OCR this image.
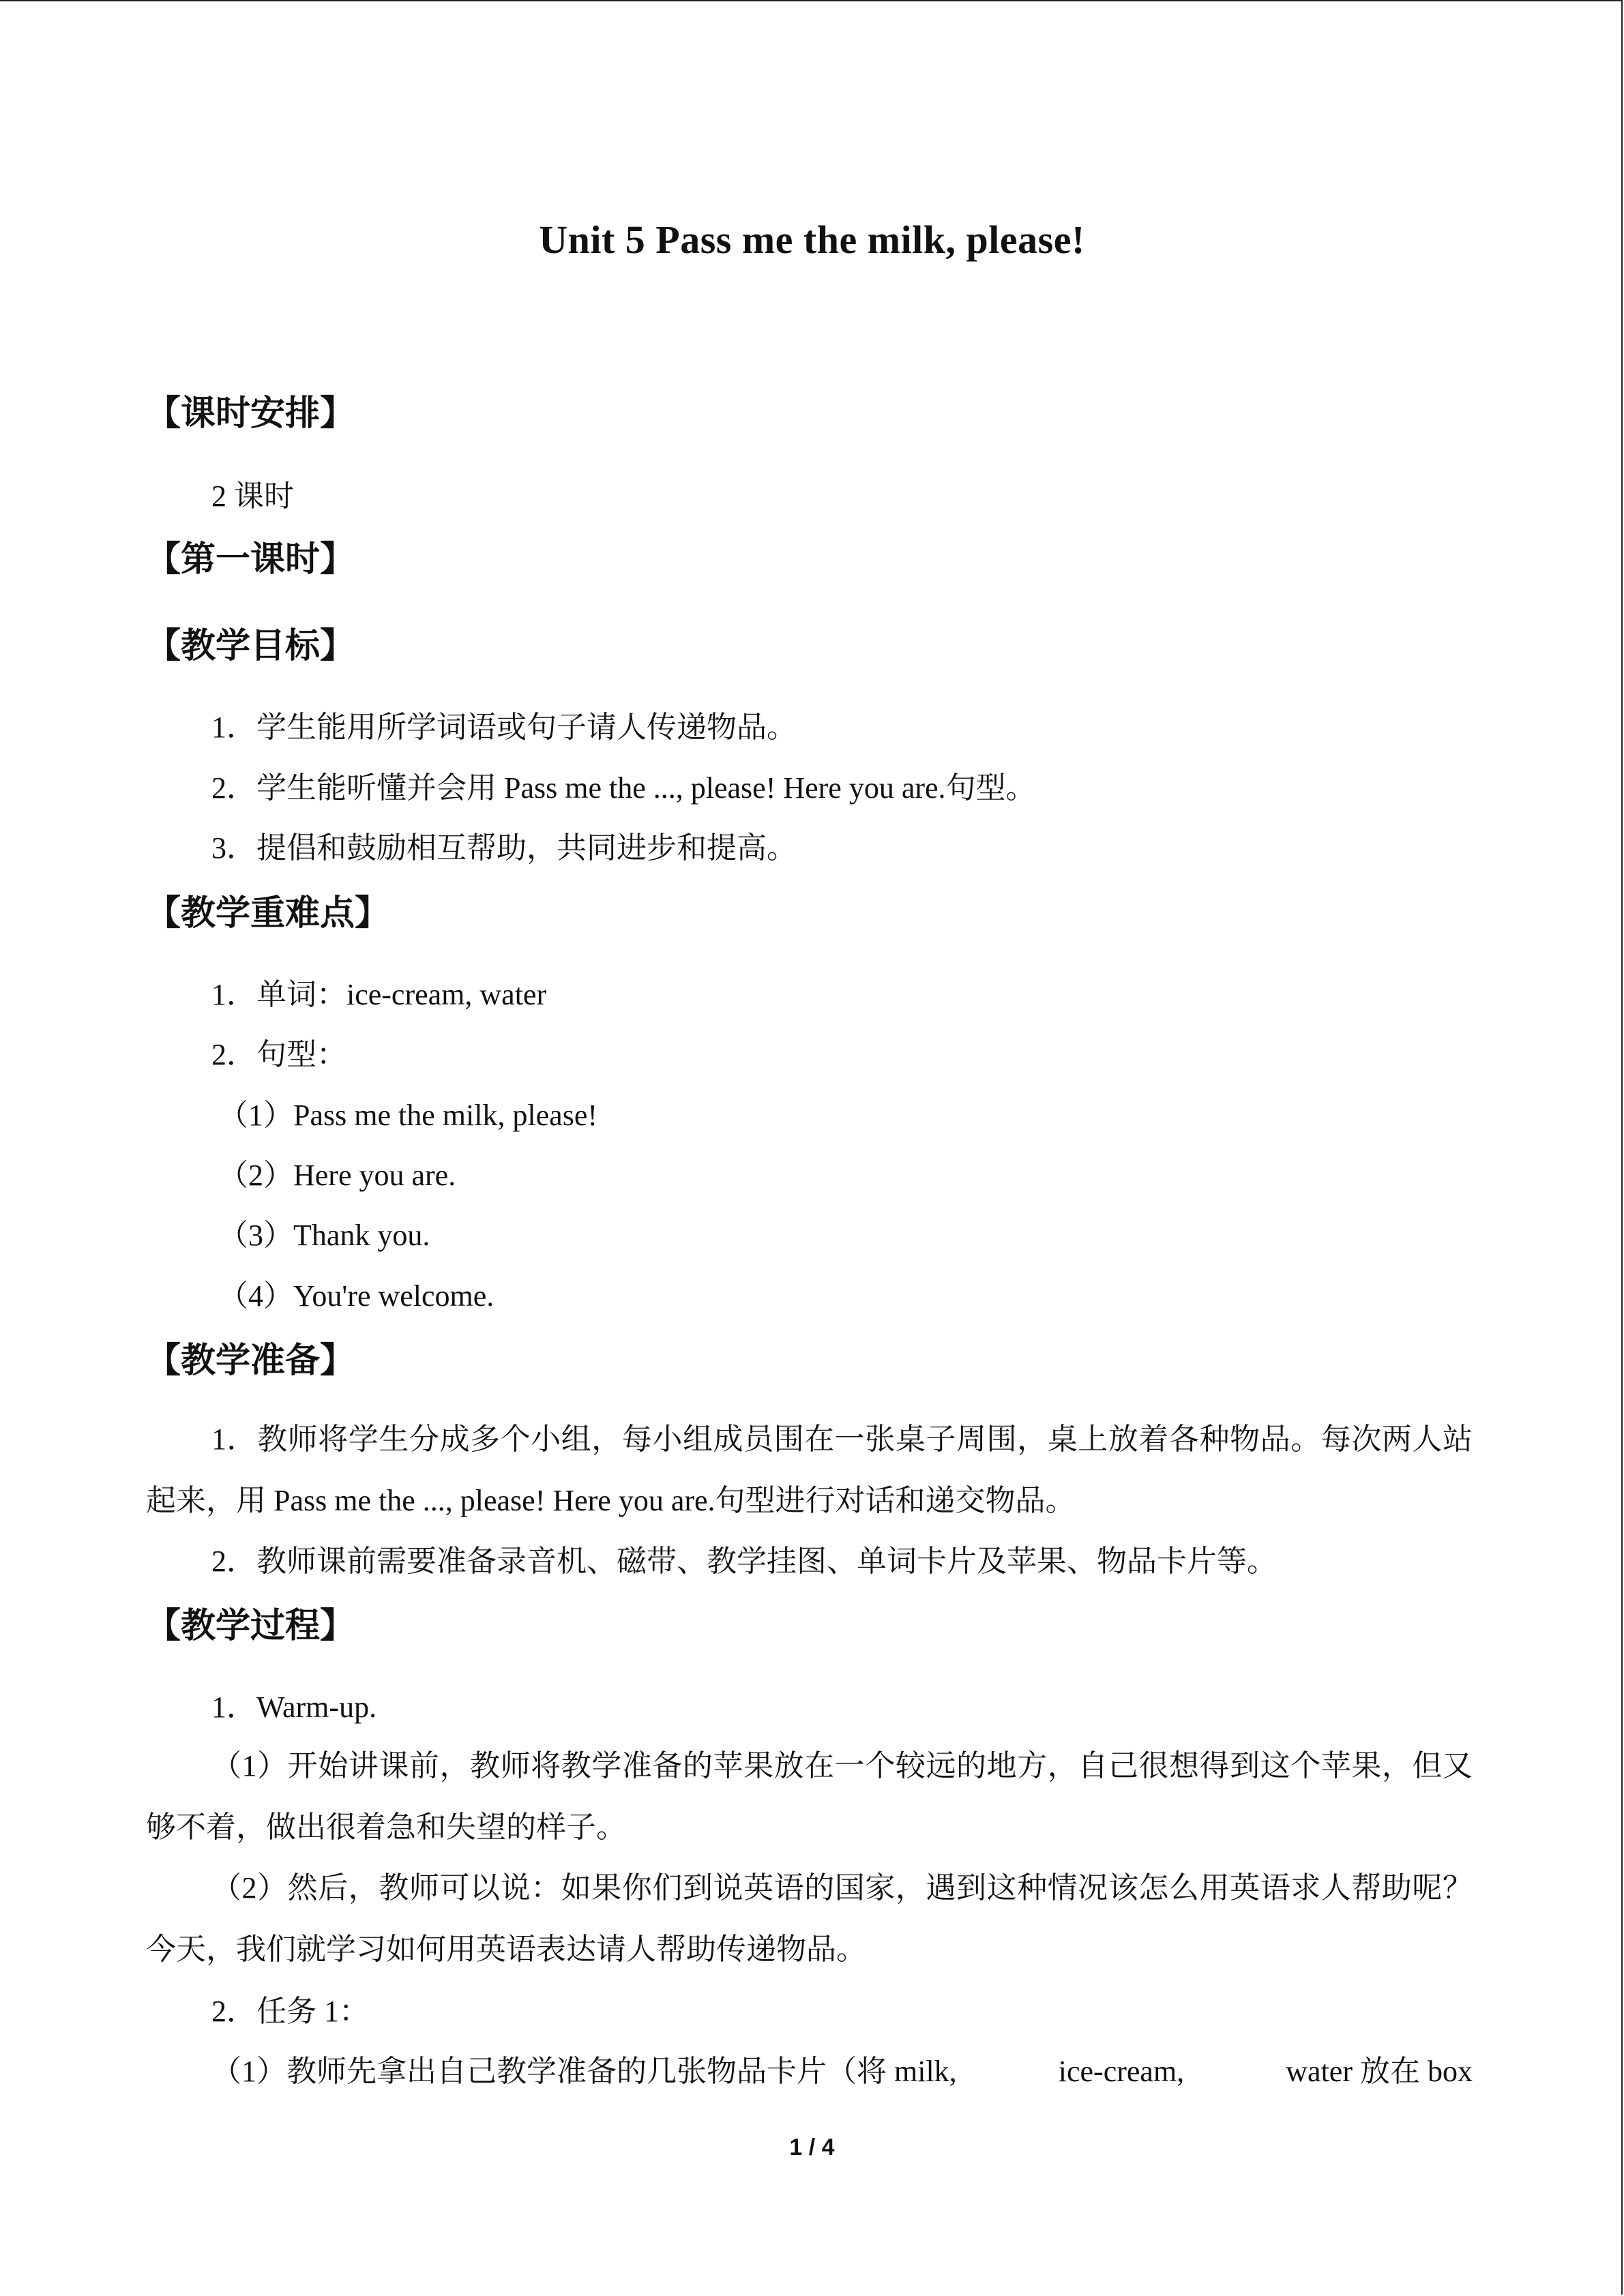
Unit 5 Pass me the milk, please!
【课时安排】
2 课时
【第一课时】
【教学目标】
1．学生能用所学词语或句子请人传递物品。
2．学生能听懂并会用 Pass me the ..., please! Here you are.句型。
3．提倡和鼓励相互帮助，共同进步和提高。
【教学重难点】
1．单词：ice-cream, water
2．句型：
（1）Pass me the milk, please!
（2）Here you are.
（3）Thank you.
（4）You're welcome.
【教学准备】
1．教师将学生分成多个小组，每小组成员围在一张桌子周围，桌上放着各种物品。每次两人站起来，用 Pass me the ..., please! Here you are.句型进行对话和递交物品。
2．教师课前需要准备录音机、磁带、教学挂图、单词卡片及苹果、物品卡片等。
【教学过程】
1．Warm-up.
（1）开始讲课前，教师将教学准备的苹果放在一个较远的地方，自己很想得到这个苹果，但又够不着，做出很着急和失望的样子。
（2）然后，教师可以说：如果你们到说英语的国家，遇到这种情况该怎么用英语求人帮助呢？今天，我们就学习如何用英语表达请人帮助传递物品。
2．任务 1：
（1）教师先拿出自己教学准备的几张物品卡片（将 milk,	ice-cream,	water 放在 box
1 / 4
